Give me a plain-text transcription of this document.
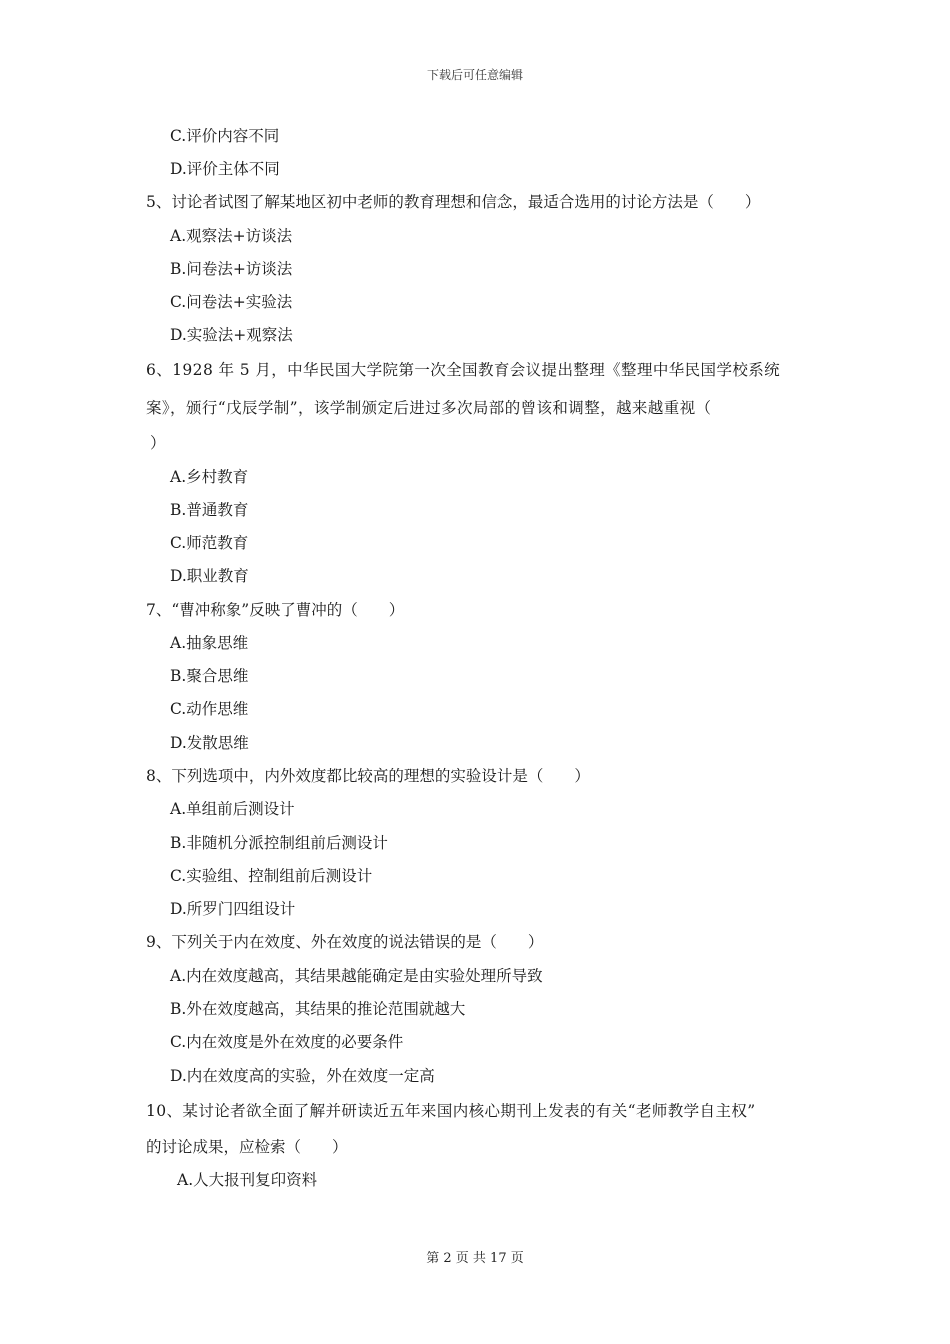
下载后可任意编辑
C.评价内容不同
D.评价主体不同
5、讨论者试图了解某地区初中老师的教育理想和信念，最适合选用的讨论方法是（　　）
A.观察法+访谈法
B.问卷法+访谈法
C.问卷法+实验法
D.实验法+观察法
6、1928 年 5 月，中华民国大学院第一次全国教育会议提出整理《整理中华民国学校系统
案》，颁行“戊辰学制”，该学制颁定后进过多次局部的曾该和调整，越来越重视（
）
A.乡村教育
B.普通教育
C.师范教育
D.职业教育
7、“曹冲称象”反映了曹冲的（　　）
A.抽象思维
B.聚合思维
C.动作思维
D.发散思维
8、下列选项中，内外效度都比较高的理想的实验设计是（　　）
A.单组前后测设计
B.非随机分派控制组前后测设计
C.实验组、控制组前后测设计
D.所罗门四组设计
9、下列关于内在效度、外在效度的说法错误的是（　　）
A.内在效度越高，其结果越能确定是由实验处理所导致
B.外在效度越高，其结果的推论范围就越大
C.内在效度是外在效度的必要条件
D.内在效度高的实验，外在效度一定高
10、某讨论者欲全面了解并研读近五年来国内核心期刊上发表的有关“老师教学自主权”
的讨论成果，应检索（　　）
A.人大报刊复印资料
第 2 页 共 17 页
